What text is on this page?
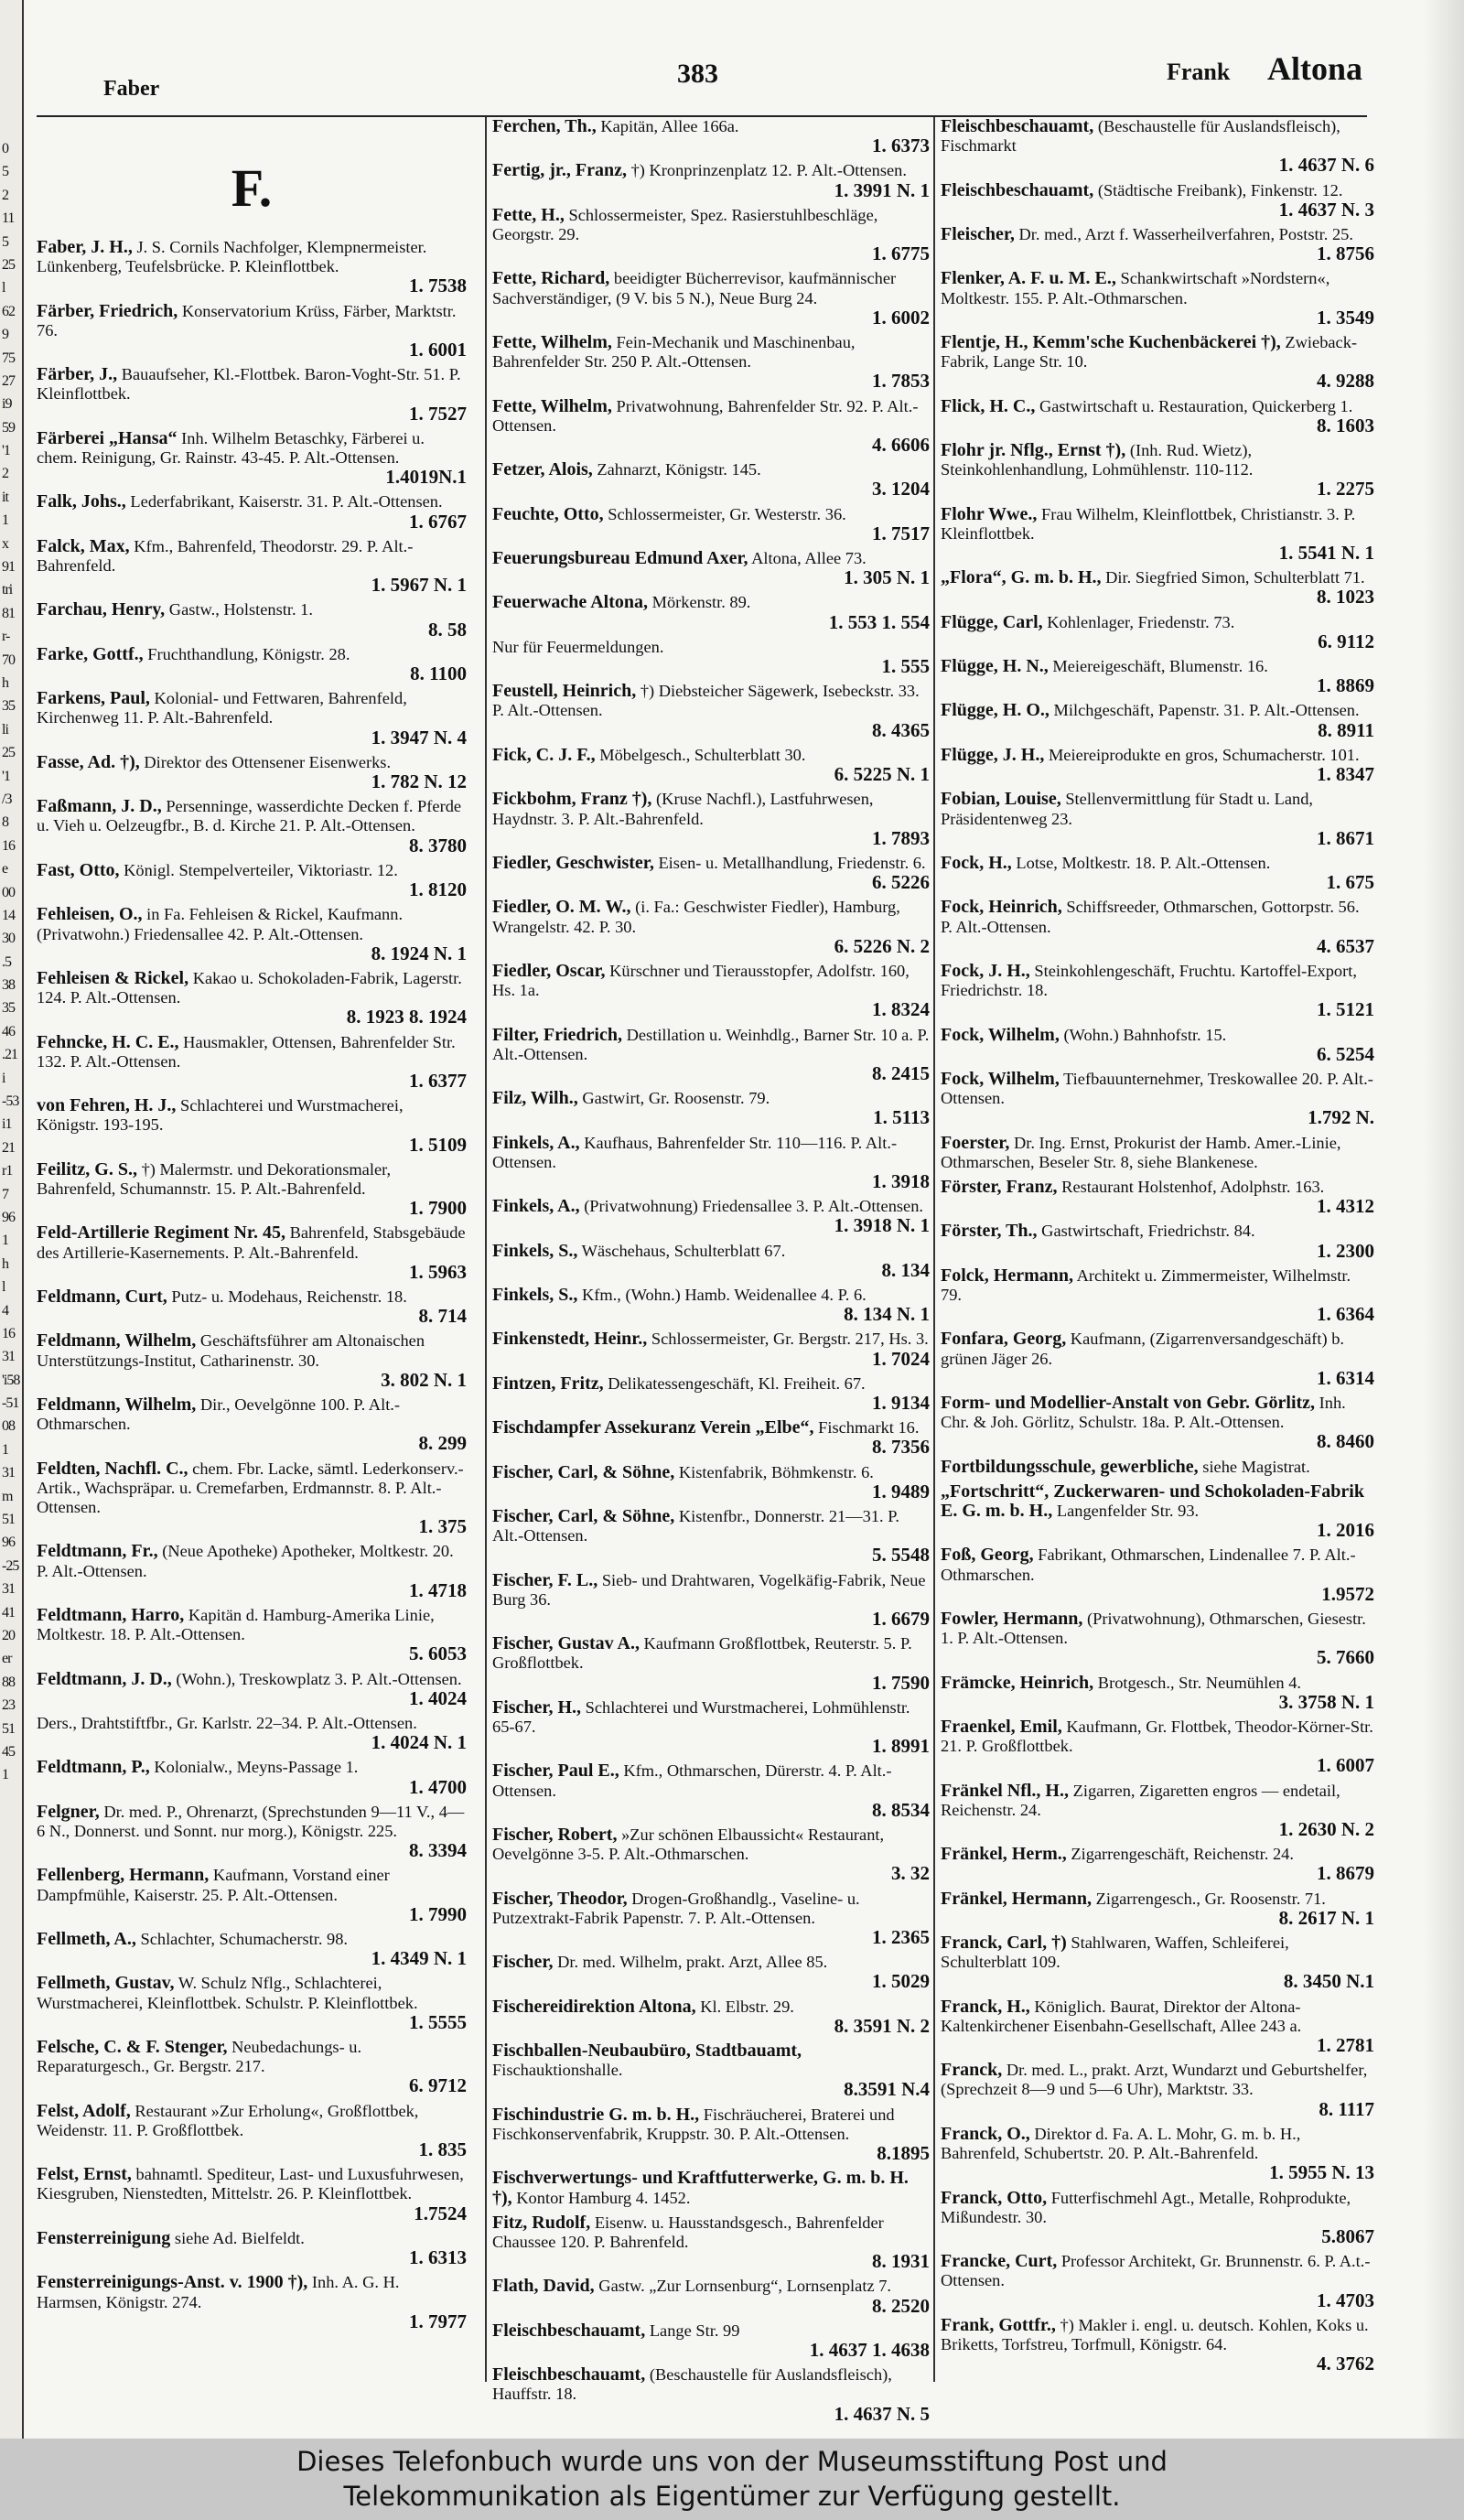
0
5
2
11
5
25
l
62
9
75
27
i9
59
'1
2
it
1
x
91
tri
81
r-
70
h
35
li
25
'1
/3
8
16
e
00
14
30
.5
38
35
46
.21
i
-53
i1
21
r1
7
96
1
h
l
4
16
31
'i58
-51
08
1
31
m
51
96
-25
31
41
20
er
88
23
51
45
1
Faber	383	Frank Altona
F.
Faber, J. H., J. S. Cornils Nachfolger, Klempnermeister. Lünkenberg, Teufelsbrücke. P. Kleinflottbek.
1. 7538
Färber, Friedrich, Konservatorium Krüss, Färber, Marktstr. 76.
1. 6001
Färber, J., Bauaufseher, Kl.-Flottbek. Baron-Voght-Str. 51. P. Kleinflottbek.
1. 7527
Färberei „Hansa“ Inh. Wilhelm Betaschky, Färberei u. chem. Reinigung, Gr. Rainstr. 43-45. P. Alt.-Ottensen.
1.4019N.1
Falk, Johs., Lederfabrikant, Kaiserstr. 31. P. Alt.-Ottensen.
1. 6767
Falck, Max, Kfm., Bahrenfeld, Theodorstr. 29. P. Alt.-Bahrenfeld.
1. 5967 N. 1
Farchau, Henry, Gastw., Holstenstr. 1.
8. 58
Farke, Gottf., Fruchthandlung, Königstr. 28.
8. 1100
Farkens, Paul, Kolonial- und Fettwaren, Bahrenfeld, Kirchenweg 11. P. Alt.-Bahrenfeld.
1. 3947 N. 4
Fasse, Ad. †), Direktor des Ottensener Eisenwerks.
1. 782 N. 12
Faßmann, J. D., Persenninge, wasserdichte Decken f. Pferde u. Vieh u. Oelzeugfbr., B. d. Kirche 21. P. Alt.-Ottensen.
8. 3780
Fast, Otto, Königl. Stempelverteiler, Viktoriastr. 12.
1. 8120
Fehleisen, O., in Fa. Fehleisen & Rickel, Kaufmann. (Privatwohn.) Friedensallee 42. P. Alt.-Ottensen.
8. 1924 N. 1
Fehleisen & Rickel, Kakao u. Schokoladen-Fabrik, Lagerstr. 124. P. Alt.-Ottensen.
8. 1923 8. 1924
Fehncke, H. C. E., Hausmakler, Ottensen, Bahrenfelder Str. 132. P. Alt.-Ottensen.
1. 6377
von Fehren, H. J., Schlachterei und Wurstmacherei, Königstr. 193-195.
1. 5109
Feilitz, G. S., †) Malermstr. und Dekorationsmaler, Bahrenfeld, Schumannstr. 15. P. Alt.-Bahrenfeld.
1. 7900
Feld-Artillerie Regiment Nr. 45, Bahrenfeld, Stabsgebäude des Artillerie-Kasernements. P. Alt.-Bahrenfeld.
1. 5963
Feldmann, Curt, Putz- u. Modehaus, Reichenstr. 18.
8. 714
Feldmann, Wilhelm, Geschäftsführer am Altonaischen Unterstützungs-Institut, Catharinenstr. 30.
3. 802 N. 1
Feldmann, Wilhelm, Dir., Oevelgönne 100. P. Alt.-Othmarschen.
8. 299
Feldten, Nachfl. C., chem. Fbr. Lacke, sämtl. Lederkonserv.-Artik., Wachspräpar. u. Cremefarben, Erdmannstr. 8. P. Alt.-Ottensen.
1. 375
Feldtmann, Fr., (Neue Apotheke) Apotheker, Moltkestr. 20. P. Alt.-Ottensen.
1. 4718
Feldtmann, Harro, Kapitän d. Hamburg-Amerika Linie, Moltkestr. 18. P. Alt.-Ottensen.
5. 6053
Feldtmann, J. D., (Wohn.), Treskowplatz 3. P. Alt.-Ottensen.
1. 4024
Ders., Drahtstiftfbr., Gr. Karlstr. 22–34. P. Alt.-Ottensen.
1. 4024 N. 1
Feldtmann, P., Kolonialw., Meyns-Passage 1.
1. 4700
Felgner, Dr. med. P., Ohrenarzt, (Sprechstunden 9—11 V., 4—6 N., Donnerst. und Sonnt. nur morg.), Königstr. 225.
8. 3394
Fellenberg, Hermann, Kaufmann, Vorstand einer Dampfmühle, Kaiserstr. 25. P. Alt.-Ottensen.
1. 7990
Fellmeth, A., Schlachter, Schumacherstr. 98.
1. 4349 N. 1
Fellmeth, Gustav, W. Schulz Nflg., Schlachterei, Wurstmacherei, Kleinflottbek. Schulstr. P. Kleinflottbek.
1. 5555
Felsche, C. & F. Stenger, Neubedachungs- u. Reparaturgesch., Gr. Bergstr. 217.
6. 9712
Felst, Adolf, Restaurant »Zur Erholung«, Großflottbek, Weidenstr. 11. P. Großflottbek.
1. 835
Felst, Ernst, bahnamtl. Spediteur, Last- und Luxusfuhrwesen, Kiesgruben, Nienstedten, Mittelstr. 26. P. Kleinflottbek.
1.7524
Fensterreinigung siehe Ad. Bielfeldt.
1. 6313
Fensterreinigungs-Anst. v. 1900 †), Inh. A. G. H. Harmsen, Königstr. 274.
1. 7977
Ferchen, Th., Kapitän, Allee 166a.
1. 6373
Fertig, jr., Franz, †) Kronprinzenplatz 12. P. Alt.-Ottensen.
1. 3991 N. 1
Fette, H., Schlossermeister, Spez. Rasierstuhlbeschläge, Georgstr. 29.
1. 6775
Fette, Richard, beeidigter Bücherrevisor, kaufmännischer Sachverständiger, (9 V. bis 5 N.), Neue Burg 24.
1. 6002
Fette, Wilhelm, Fein-Mechanik und Maschinenbau, Bahrenfelder Str. 250 P. Alt.-Ottensen.
1. 7853
Fette, Wilhelm, Privatwohnung, Bahrenfelder Str. 92. P. Alt.-Ottensen.
4. 6606
Fetzer, Alois, Zahnarzt, Königstr. 145.
3. 1204
Feuchte, Otto, Schlossermeister, Gr. Westerstr. 36.
1. 7517
Feuerungsbureau Edmund Axer, Altona, Allee 73.
1. 305 N. 1
Feuerwache Altona, Mörkenstr. 89.
1. 553 1. 554
Nur für Feuermeldungen.
1. 555
Feustell, Heinrich, †) Diebsteicher Sägewerk, Isebeckstr. 33. P. Alt.-Ottensen.
8. 4365
Fick, C. J. F., Möbelgesch., Schulterblatt 30.
6. 5225 N. 1
Fickbohm, Franz †), (Kruse Nachfl.), Lastfuhrwesen, Haydnstr. 3. P. Alt.-Bahrenfeld.
1. 7893
Fiedler, Geschwister, Eisen- u. Metallhandlung, Friedenstr. 6.
6. 5226
Fiedler, O. M. W., (i. Fa.: Geschwister Fiedler), Hamburg, Wrangelstr. 42. P. 30.
6. 5226 N. 2
Fiedler, Oscar, Kürschner und Tierausstopfer, Adolfstr. 160, Hs. 1a.
1. 8324
Filter, Friedrich, Destillation u. Weinhdlg., Barner Str. 10 a. P. Alt.-Ottensen.
8. 2415
Filz, Wilh., Gastwirt, Gr. Roosenstr. 79.
1. 5113
Finkels, A., Kaufhaus, Bahrenfelder Str. 110—116. P. Alt.-Ottensen.
1. 3918
Finkels, A., (Privatwohnung) Friedensallee 3. P. Alt.-Ottensen.
1. 3918 N. 1
Finkels, S., Wäschehaus, Schulterblatt 67.
8. 134
Finkels, S., Kfm., (Wohn.) Hamb. Weidenallee 4. P. 6.
8. 134 N. 1
Finkenstedt, Heinr., Schlossermeister, Gr. Bergstr. 217, Hs. 3.
1. 7024
Fintzen, Fritz, Delikatessengeschäft, Kl. Freiheit. 67.
1. 9134
Fischdampfer Assekuranz Verein „Elbe“, Fischmarkt 16.
8. 7356
Fischer, Carl, & Söhne, Kistenfabrik, Böhmkenstr. 6.
1. 9489
Fischer, Carl, & Söhne, Kistenfbr., Donnerstr. 21—31. P. Alt.-Ottensen.
5. 5548
Fischer, F. L., Sieb- und Drahtwaren, Vogelkäfig-Fabrik, Neue Burg 36.
1. 6679
Fischer, Gustav A., Kaufmann Großflottbek, Reuterstr. 5. P. Großflottbek.
1. 7590
Fischer, H., Schlachterei und Wurstmacherei, Lohmühlenstr. 65-67.
1. 8991
Fischer, Paul E., Kfm., Othmarschen, Dürerstr. 4. P. Alt.-Ottensen.
8. 8534
Fischer, Robert, »Zur schönen Elbaussicht« Restaurant, Oevelgönne 3-5. P. Alt.-Othmarschen.
3. 32
Fischer, Theodor, Drogen-Großhandlg., Vaseline- u. Putzextrakt-Fabrik Papenstr. 7. P. Alt.-Ottensen.
1. 2365
Fischer, Dr. med. Wilhelm, prakt. Arzt, Allee 85.
1. 5029
Fischereidirektion Altona, Kl. Elbstr. 29.
8. 3591 N. 2
Fischballen-Neubaubüro, Stadtbauamt, Fischauktionshalle.
8.3591 N.4
Fischindustrie G. m. b. H., Fischräucherei, Braterei und Fischkonservenfabrik, Kruppstr. 30. P. Alt.-Ottensen.
8.1895
Fischverwertungs- und Kraftfutterwerke, G. m. b. H. †), Kontor Hamburg 4. 1452.
Fitz, Rudolf, Eisenw. u. Hausstandsgesch., Bahrenfelder Chaussee 120. P. Bahrenfeld.
8. 1931
Flath, David, Gastw. „Zur Lornsenburg“, Lornsenplatz 7.
8. 2520
Fleischbeschauamt, Lange Str. 99
1. 4637 1. 4638
Fleischbeschauamt, (Beschaustelle für Auslandsfleisch), Hauffstr. 18.
1. 4637 N. 5
Fleischbeschauamt, (Beschaustelle für Auslandsfleisch), Fischmarkt
1. 4637 N. 6
Fleischbeschauamt, (Städtische Freibank), Finkenstr. 12.
1. 4637 N. 3
Fleischer, Dr. med., Arzt f. Wasserheilverfahren, Poststr. 25.
1. 8756
Flenker, A. F. u. M. E., Schankwirtschaft »Nordstern«, Moltkestr. 155. P. Alt.-Othmarschen.
1. 3549
Flentje, H., Kemm'sche Kuchenbäckerei †), Zwieback-Fabrik, Lange Str. 10.
4. 9288
Flick, H. C., Gastwirtschaft u. Restauration, Quickerberg 1.
8. 1603
Flohr jr. Nflg., Ernst †), (Inh. Rud. Wietz), Steinkohlenhandlung, Lohmühlenstr. 110-112.
1. 2275
Flohr Wwe., Frau Wilhelm, Kleinflottbek, Christianstr. 3. P. Kleinflottbek.
1. 5541 N. 1
„Flora“, G. m. b. H., Dir. Siegfried Simon, Schulterblatt 71.
8. 1023
Flügge, Carl, Kohlenlager, Friedenstr. 73.
6. 9112
Flügge, H. N., Meiereigeschäft, Blumenstr. 16.
1. 8869
Flügge, H. O., Milchgeschäft, Papenstr. 31. P. Alt.-Ottensen.
8. 8911
Flügge, J. H., Meiereiprodukte en gros, Schumacherstr. 101.
1. 8347
Fobian, Louise, Stellenvermittlung für Stadt u. Land, Präsidentenweg 23.
1. 8671
Fock, H., Lotse, Moltkestr. 18. P. Alt.-Ottensen.
1. 675
Fock, Heinrich, Schiffsreeder, Othmarschen, Gottorpstr. 56. P. Alt.-Ottensen.
4. 6537
Fock, J. H., Steinkohlengeschäft, Fruchtu. Kartoffel-Export, Friedrichstr. 18.
1. 5121
Fock, Wilhelm, (Wohn.) Bahnhofstr. 15.
6. 5254
Fock, Wilhelm, Tiefbauunternehmer, Treskowallee 20. P. Alt.-Ottensen.
1.792 N.
Foerster, Dr. Ing. Ernst, Prokurist der Hamb. Amer.-Linie, Othmarschen, Beseler Str. 8, siehe Blankenese.
Förster, Franz, Restaurant Holstenhof, Adolphstr. 163.
1. 4312
Förster, Th., Gastwirtschaft, Friedrichstr. 84.
1. 2300
Folck, Hermann, Architekt u. Zimmermeister, Wilhelmstr. 79.
1. 6364
Fonfara, Georg, Kaufmann, (Zigarrenversandgeschäft) b. grünen Jäger 26.
1. 6314
Form- und Modellier-Anstalt von Gebr. Görlitz, Inh. Chr. & Joh. Görlitz, Schulstr. 18a. P. Alt.-Ottensen.
8. 8460
Fortbildungsschule, gewerbliche, siehe Magistrat.
„Fortschritt“, Zuckerwaren- und Schokoladen-Fabrik E. G. m. b. H., Langenfelder Str. 93.
1. 2016
Foß, Georg, Fabrikant, Othmarschen, Lindenallee 7. P. Alt.-Othmarschen.
1.9572
Fowler, Hermann, (Privatwohnung), Othmarschen, Giesestr. 1. P. Alt.-Ottensen.
5. 7660
Främcke, Heinrich, Brotgesch., Str. Neumühlen 4.
3. 3758 N. 1
Fraenkel, Emil, Kaufmann, Gr. Flottbek, Theodor-Körner-Str. 21. P. Großflottbek.
1. 6007
Fränkel Nfl., H., Zigarren, Zigaretten engros — endetail, Reichenstr. 24.
1. 2630 N. 2
Fränkel, Herm., Zigarrengeschäft, Reichenstr. 24.
1. 8679
Fränkel, Hermann, Zigarrengesch., Gr. Roosenstr. 71.
8. 2617 N. 1
Franck, Carl, †) Stahlwaren, Waffen, Schleiferei, Schulterblatt 109.
8. 3450 N.1
Franck, H., Königlich. Baurat, Direktor der Altona-Kaltenkirchener Eisenbahn-Gesellschaft, Allee 243 a.
1. 2781
Franck, Dr. med. L., prakt. Arzt, Wundarzt und Geburtshelfer, (Sprechzeit 8—9 und 5—6 Uhr), Marktstr. 33.
8. 1117
Franck, O., Direktor d. Fa. A. L. Mohr, G. m. b. H., Bahrenfeld, Schubertstr. 20. P. Alt.-Bahrenfeld.
1. 5955 N. 13
Franck, Otto, Futterfischmehl Agt., Metalle, Rohprodukte, Mißundestr. 30.
5.8067
Francke, Curt, Professor Architekt, Gr. Brunnenstr. 6. P. A.t.-Ottensen.
1. 4703
Frank, Gottfr., †) Makler i. engl. u. deutsch. Kohlen, Koks u. Briketts, Torfstreu, Torfmull, Königstr. 64.
4. 3762
Dieses Telefonbuch wurde uns von der Museumsstiftung Post und
Telekommunikation als Eigentümer zur Verfügung gestellt.
